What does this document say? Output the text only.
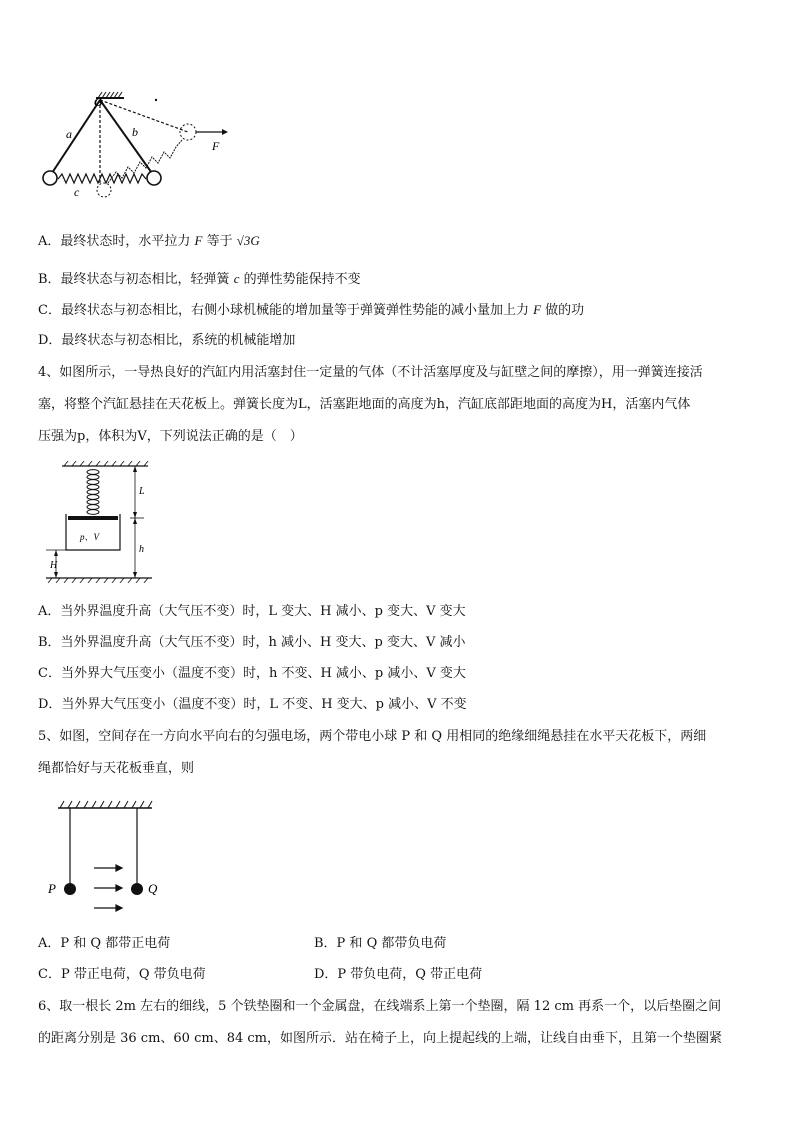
O
a	b
c
F
A．最终状态时，水平拉力 F 等于 √3G
B．最终状态与初态相比，轻弹簧 c 的弹性势能保持不变
C．最终状态与初态相比，右侧小球机械能的增加量等于弹簧弹性势能的减小量加上力 F 做的功
D．最终状态与初态相比，系统的机械能增加
4、如图所示，一导热良好的汽缸内用活塞封住一定量的气体（不计活塞厚度及与缸壁之间的摩擦），用一弹簧连接活
塞，将整个汽缸悬挂在天花板上。弹簧长度为L，活塞距地面的高度为h，汽缸底部距地面的高度为H，活塞内气体
压强为p，体积为V，下列说法正确的是（　）
p、V
L
h
H
A．当外界温度升高（大气压不变）时，L 变大、H 减小、p 变大、V 变大
B．当外界温度升高（大气压不变）时，h 减小、H 变大、p 变大、V 减小
C．当外界大气压变小（温度不变）时，h 不变、H 减小、p 减小、V 变大
D．当外界大气压变小（温度不变）时，L 不变、H 变大、p 减小、V 不变
5、如图，空间存在一方向水平向右的匀强电场，两个带电小球 P 和 Q 用相同的绝缘细绳悬挂在水平天花板下，两细
绳都恰好与天花板垂直，则
P	Q
A．P 和 Q 都带正电荷	B．P 和 Q 都带负电荷
C．P 带正电荷，Q 带负电荷	D．P 带负电荷，Q 带正电荷
6、取一根长 2m 左右的细线，5 个铁垫圈和一个金属盘，在线端系上第一个垫圈，隔 12 cm 再系一个，以后垫圈之间
的距离分别是 36 cm、60 cm、84 cm，如图所示．站在椅子上，向上提起线的上端，让线自由垂下，且第一个垫圈紧
